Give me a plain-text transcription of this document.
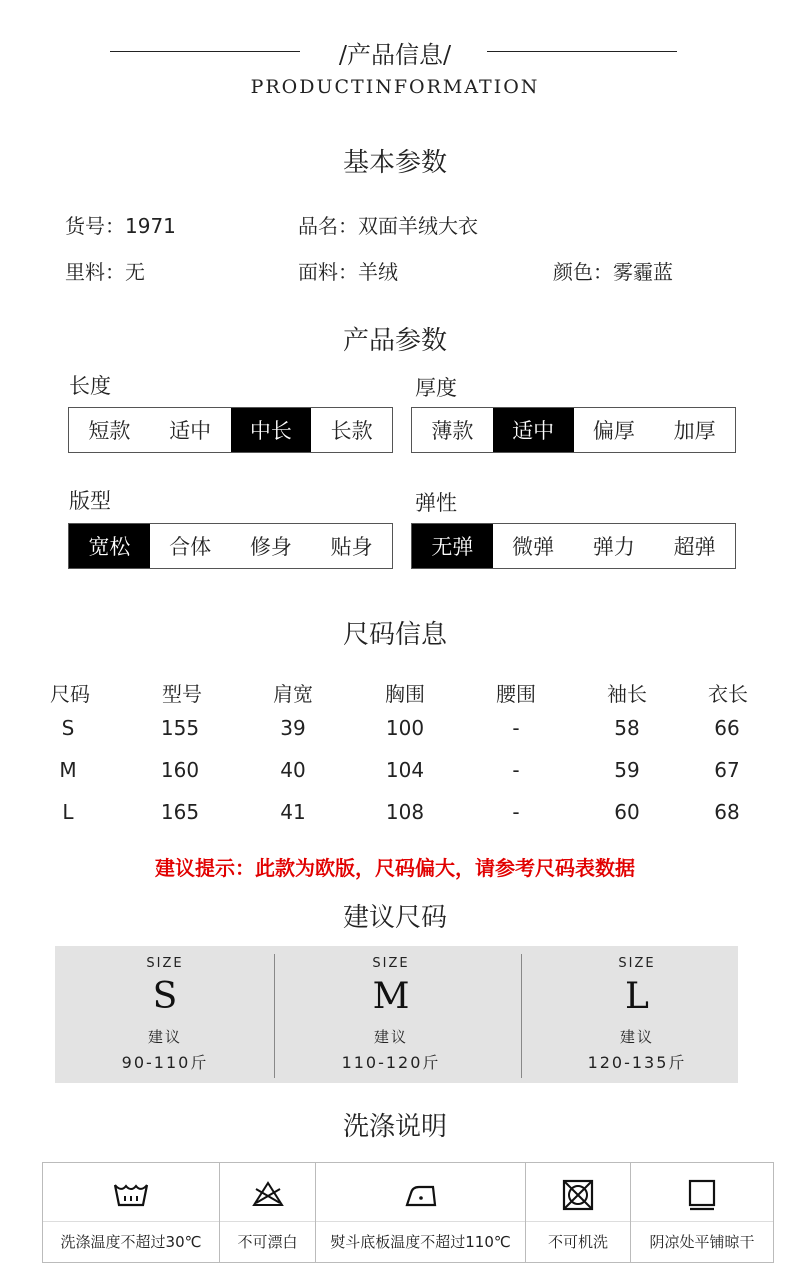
/产品信息/
PRODUCTINFORMATION
基本参数
货号：1971	品名：双面羊绒大衣
里料：无	面料：羊绒	颜色：雾霾蓝
产品参数
长度
短款	适中	中长	长款
厚度
薄款	适中	偏厚	加厚
版型
宽松	合体	修身	贴身
弹性
无弹	微弹	弹力	超弹
尺码信息
尺码	型号	肩宽	胸围	腰围	袖长	衣长
S	155	39	100	-	58	66
M	160	40	104	-	59	67
L	165	41	108	-	60	68
建议提示：此款为欧版，尺码偏大，请参考尺码表数据
建议尺码
SIZE
S
建议
90-110斤
SIZE
M
建议
110-120斤
SIZE
L
建议
120-135斤
洗涤说明
洗涤温度不超过30℃	不可漂白	熨斗底板温度不超过110℃	不可机洗	阴凉处平铺晾干
